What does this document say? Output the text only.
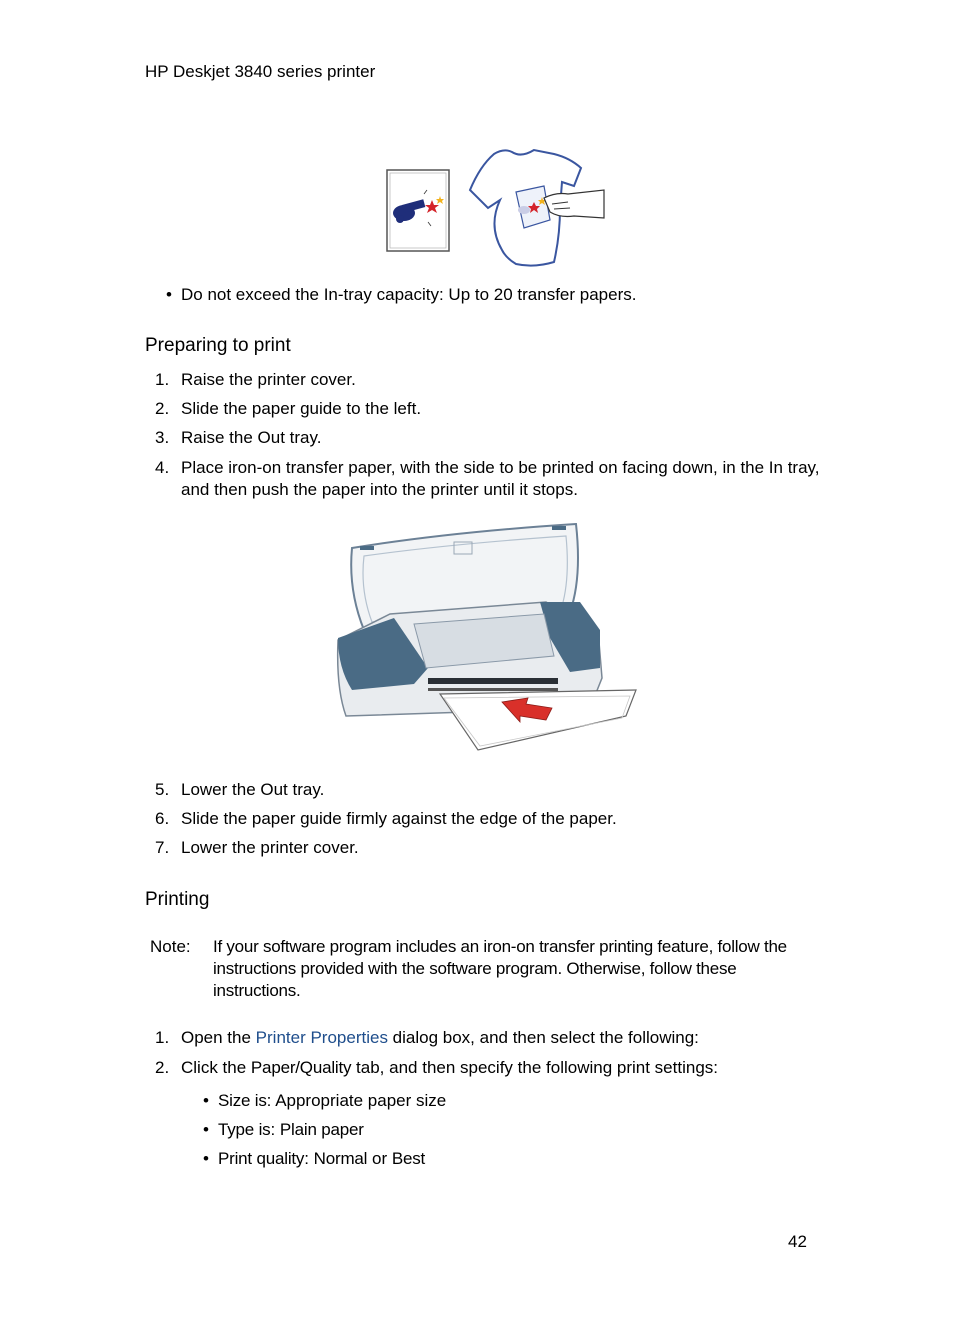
HP Deskjet 3840 series printer
• Do not exceed the In-tray capacity: Up to 20 transfer papers.
Preparing to print
1. Raise the printer cover.
2. Slide the paper guide to the left.
3. Raise the Out tray.
4. Place iron-on transfer paper, with the side to be printed on facing down, in the In tray, and then push the paper into the printer until it stops.
5. Lower the Out tray.
6. Slide the paper guide firmly against the edge of the paper.
7. Lower the printer cover.
Printing
Note: If your software program includes an iron-on transfer printing feature, follow the instructions provided with the software program. Otherwise, follow these instructions.
1. Open the Printer Properties dialog box, and then select the following:
2. Click the Paper/Quality tab, and then specify the following print settings:
• Size is: Appropriate paper size
• Type is: Plain paper
• Print quality: Normal or Best
42
